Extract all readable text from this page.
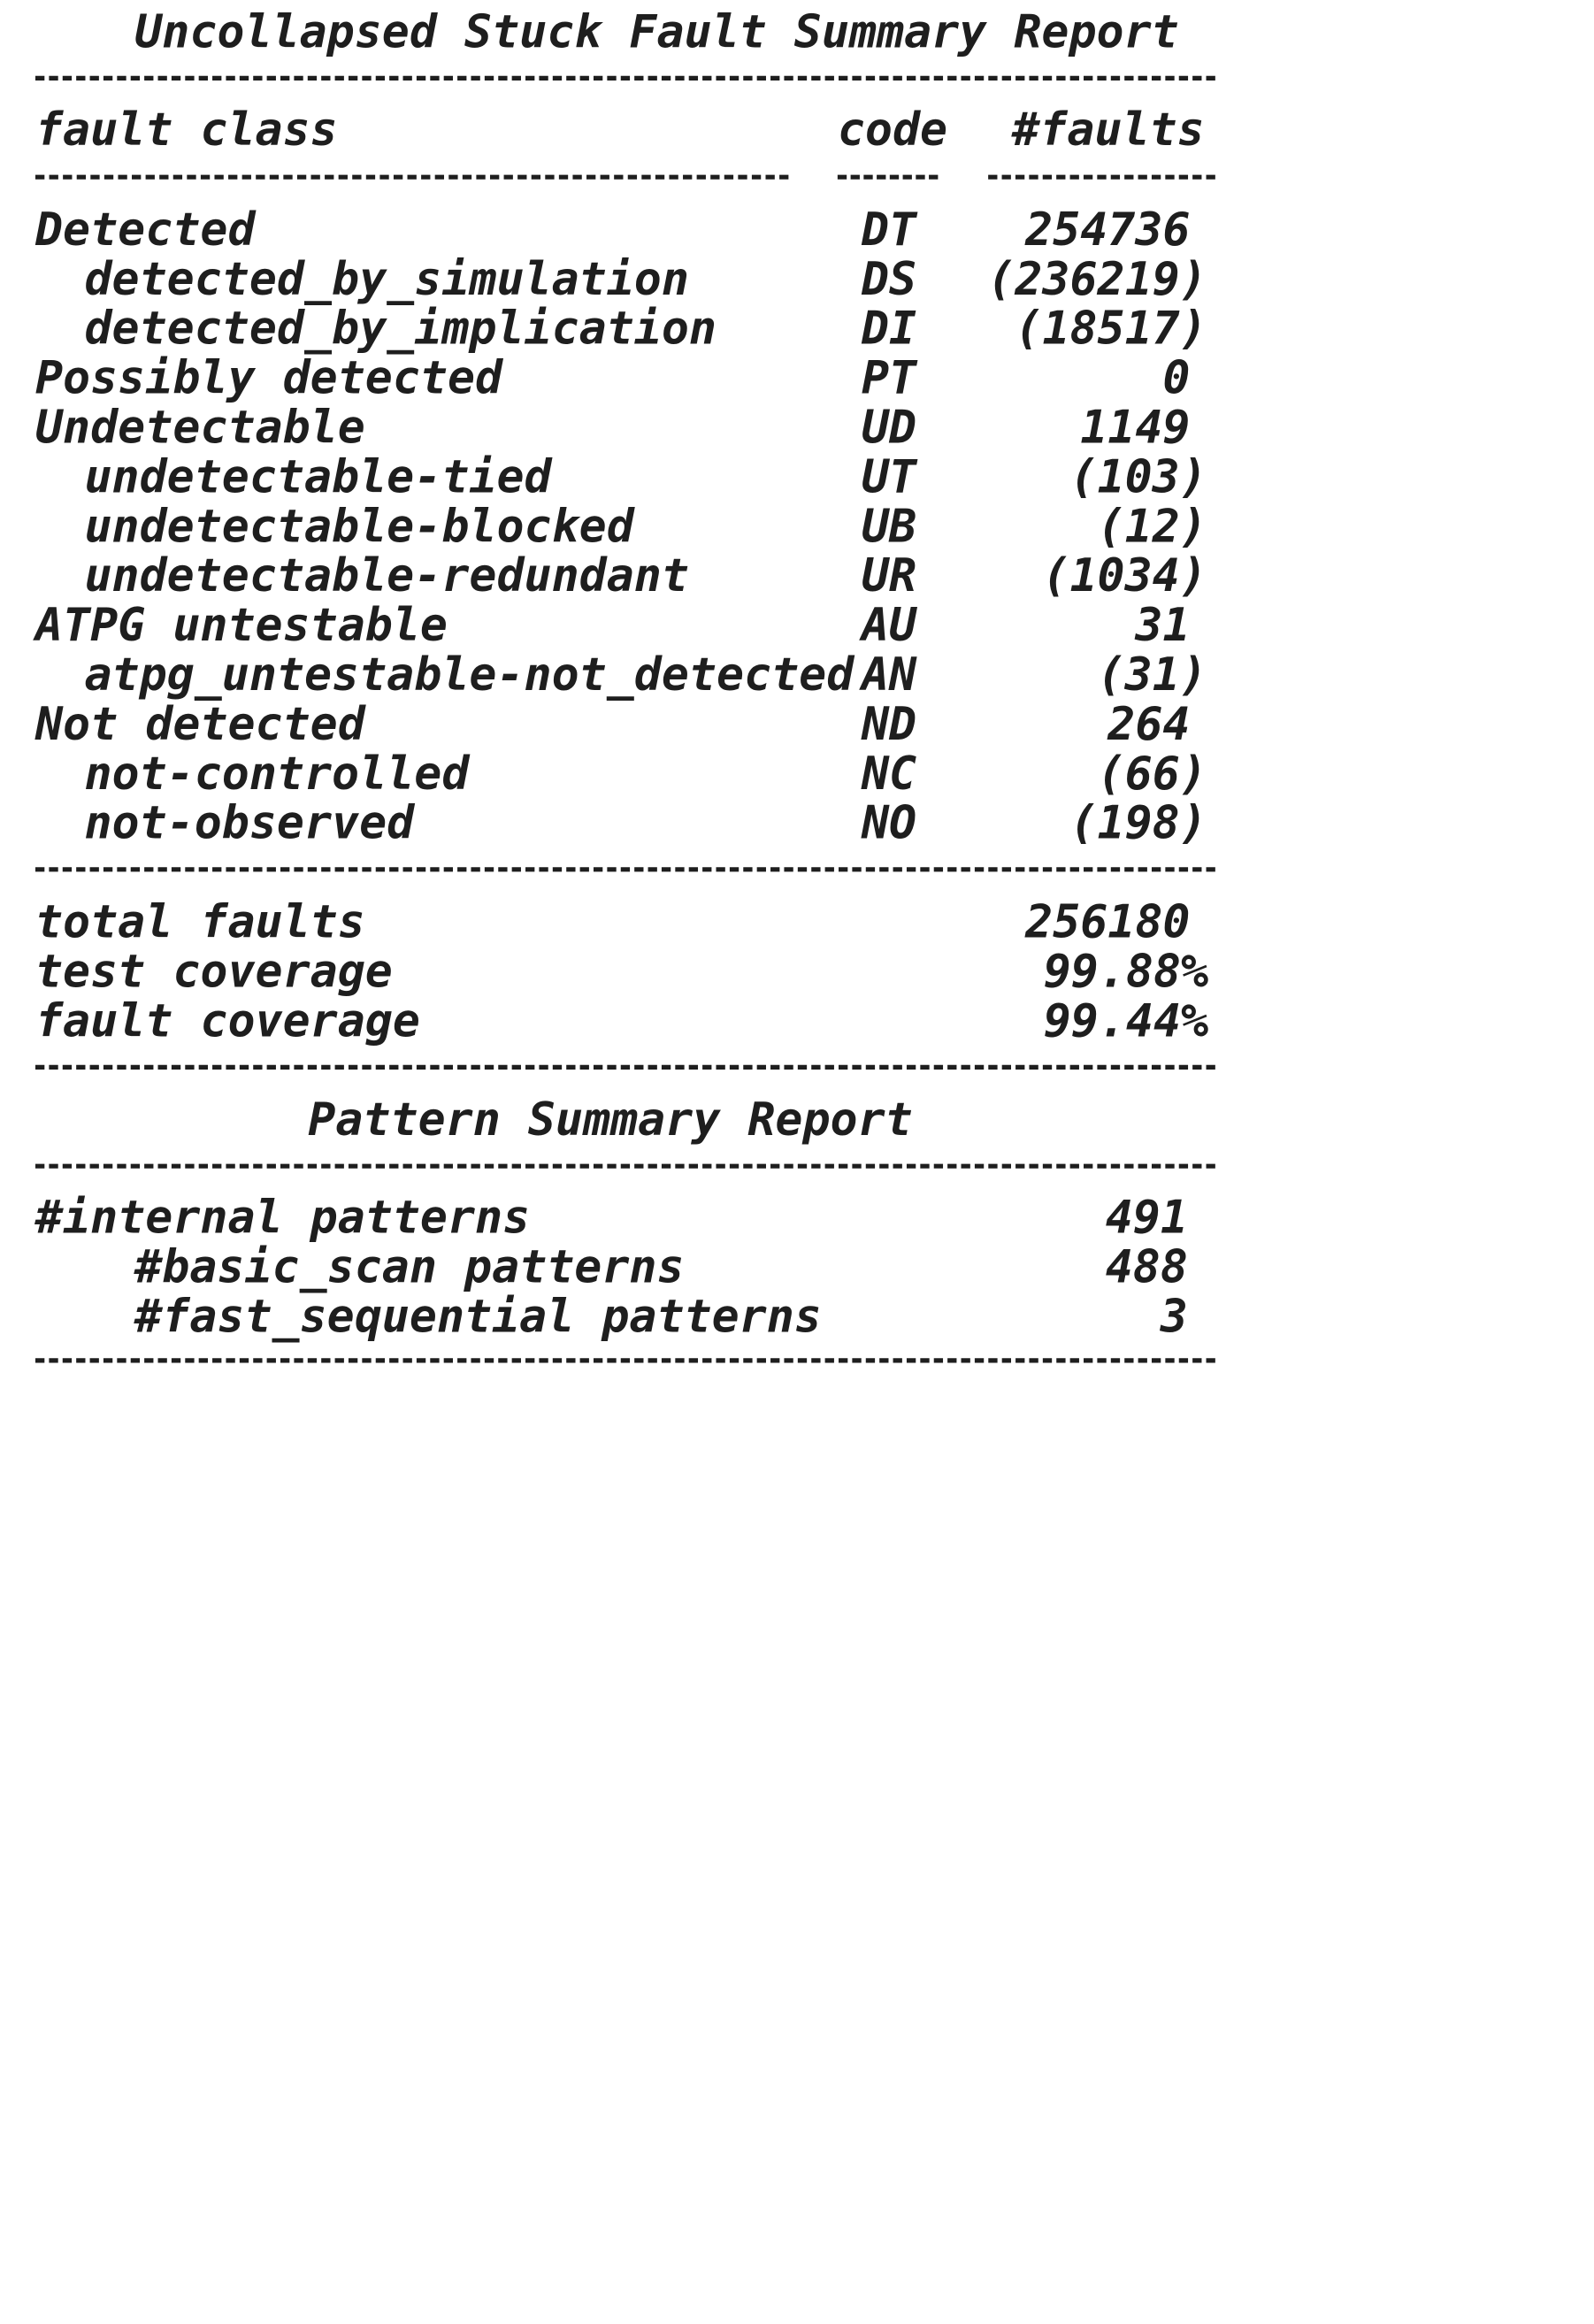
Uncollapsed Stuck Fault Summary Report
fault class	code #faults
Detected	DT	254736
detected_by_simulation	DS (236219)
detected_by_implication	DI	(18517)
Possibly detected	PT	0
Undetectable	UD	1149
undetectable-tied	UT	(103)
undetectable-blocked	UB	(12)
undetectable-redundant	UR	(1034)
ATPG untestable	AU	31
atpg_untestable-not_detected AN	(31)
Not detected	ND	264
not-controlled	NC	(66)
not-observed	NO	(198)
total faults	256180
test coverage	99.88%
fault coverage	99.44%
Pattern Summary Report
#internal patterns	491
#basic_scan patterns	488
#fast_sequential patterns	3
